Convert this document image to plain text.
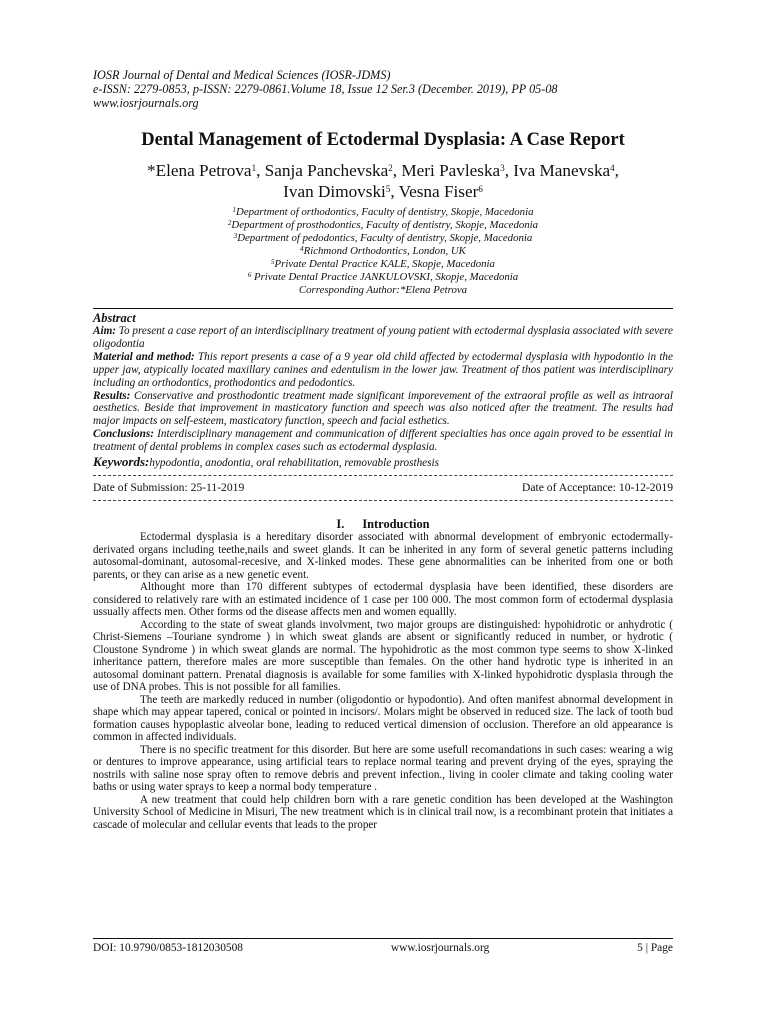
IOSR Journal of Dental and Medical Sciences (IOSR-JDMS)
e-ISSN: 2279-0853, p-ISSN: 2279-0861.Volume 18, Issue 12 Ser.3 (December. 2019), PP 05-08
www.iosrjournals.org
Dental Management of Ectodermal Dysplasia: A Case Report
*Elena Petrova$^1$, Sanja Panchevska$^2$, Meri Pavleska$^3$, Iva Manevska$^4$,
Ivan Dimovski$^5$, Vesna Fiser$^6$
$^1$Department of orthodontics, Faculty of dentistry, Skopje, Macedonia
$^2$Department of prosthodontics, Faculty of dentistry, Skopje, Macedonia
$^3$Department of pedodontics, Faculty of dentistry, Skopje, Macedonia
$^4$Richmond Orthodontics, London, UK
$^5$Private Dental Practice KALE, Skopje, Macedonia
$^6$ Private Dental Practice JANKULOVSKI, Skopje, Macedonia
Corresponding Author:*Elena Petrova
Abstract

Aim: To present a case report of an interdisciplinary treatment of young patient with ectodermal dysplasia associated with severe oligodontia

Material and method: This report presents a case of a 9 year old child affected by ectodermal dysplasia with hypodontio in the upper jaw, atypically located maxillary canines and edentulism in the lower jaw. Treatment of thos patient was interdisciplinary including an orthodontics, prothodontics and pedodontics.

Results: Conservative and prosthodontic treatment made significant imporevement of the extraoral profile as well as intraoral aesthetics. Beside that improvement in masticatory function and speech was also noticed after the treatment. The results had major impacts on self-esteem, masticatory function, speech and facial esthetics.

Conclusions: Interdisciplinary management and communication of different specialties has once again proved to be essential in treatment of dental problems in complex cases such as ectodermal dysplasia.

Keywords:hypodontia, anodontia, oral rehabilitation, removable prosthesis
Date of Submission: 25-11-2019	Date of Acceptance: 10-12-2019
I. Introduction

Ectodermal dysplasia is a hereditary disorder associated with abnormal development of embryonic ectodermally-derivated organs including teethe,nails and sweet glands. It can be inherited in any form of several genetic patterns including autosomal-dominant, autosomal-recesive, and X-linked modes. These gene abnormalities can be inherited from one or both parents, or they can arise as a new genetic event.

Althought more than 170 different subtypes of ectodermal dysplasia have been identified, these disorders are considered to relatively rare with an estimated incidence of 1 case per 100 000. The most common form of ectodermal dysplasia ussually affects men. Other forms od the disease affects men and women equallly.

According to the state of sweat glands involvment, two major groups are distinguished: hypohidrotic or anhydrotic ( Christ-Siemens –Touriane syndrome ) in which sweat glands are absent or significantly reduced in number, or hydrotic ( Cloustone Syndrome ) in which sweat glands are normal. The hypohidrotic as the most common type seems to show X-linked inheritance pattern, therefore males are more susceptible than females. On the other hand hydrotic type is inherited in an autosomal dominant pattern. Prenatal diagnosis is available for some families with X-linked hypohidrotic dysplasia through the use of DNA probes. This is not possible for all families.

The teeth are markedly reduced in number (oligodontio or hypodontio). And often manifest abnormal development in shape which may appear tapered, conical or pointed in incisors/. Molars might be observed in reduced size. The lack of tooth bud formation causes hypoplastic alveolar bone, leading to reduced vertical dimension of occlusion. Therefore an old appearance is common in affected individuals.

There is no specific treatment for this disorder. But here are some usefull recomandations in such cases: wearing a wig or dentures to improve appearance, using artificial tears to replace normal tearing and prevent drying of the eyes, spraying the nostrils with saline nose spray often to remove debris and prevent infection., living in cooler climate and taking cooling water baths or using water sprays to keep a normal body temperature .

A new treatment that could help children born with a rare genetic condition has been developed at the Washington University School of Medicine in Misuri, The new treatment which is in clinical trail now, is a recombinant protein that initiates a cascade of molecular and cellular events that leads to the proper

DOI: 10.9790/0853-1812030508	www.iosrjournals.org	5 | Page
